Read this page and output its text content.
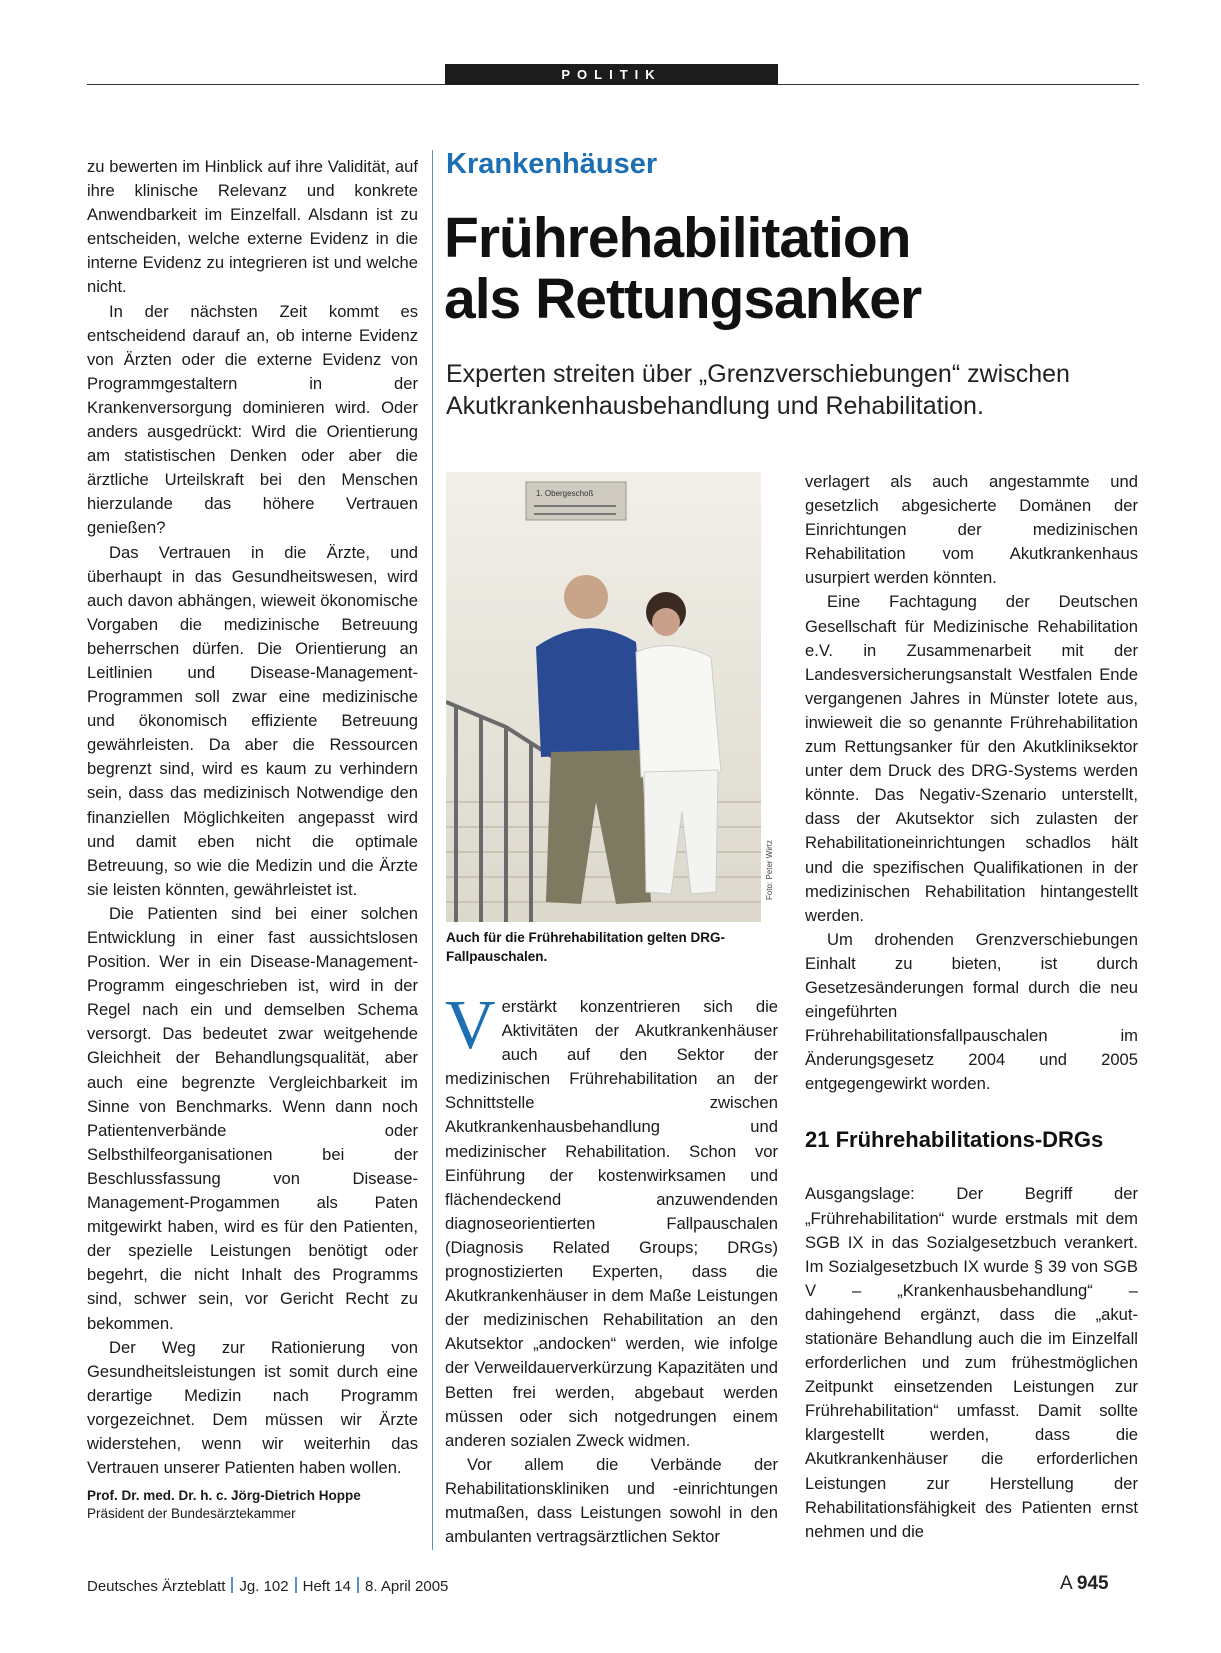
POLITIK

zu bewerten im Hinblick auf ihre Validität, auf ihre klinische Relevanz und konkrete Anwendbarkeit im Einzelfall. Alsdann ist zu entscheiden, welche externe Evidenz in die interne Evidenz zu integrieren ist und welche nicht.

In der nächsten Zeit kommt es entscheidend darauf an, ob interne Evidenz von Ärzten oder die externe Evidenz von Programmgestaltern in der Krankenversorgung dominieren wird. Oder anders ausgedrückt: Wird die Orientierung am statistischen Denken oder aber die ärztliche Urteilskraft bei den Menschen hierzulande das höhere Vertrauen genießen?

Das Vertrauen in die Ärzte, und überhaupt in das Gesundheitswesen, wird auch davon abhängen, wieweit ökonomische Vorgaben die medizinische Betreuung beherrschen dürfen. Die Orientierung an Leitlinien und Disease-Management-Programmen soll zwar eine medizinische und ökonomisch effiziente Betreuung gewährleisten. Da aber die Ressourcen begrenzt sind, wird es kaum zu verhindern sein, dass das medizinisch Notwendige den finanziellen Möglichkeiten angepasst wird und damit eben nicht die optimale Betreuung, so wie die Medizin und die Ärzte sie leisten könnten, gewährleistet ist.

Die Patienten sind bei einer solchen Entwicklung in einer fast aussichtslosen Position. Wer in ein Disease-Management-Programm eingeschrieben ist, wird in der Regel nach ein und demselben Schema versorgt. Das bedeutet zwar weitgehende Gleichheit der Behandlungsqualität, aber auch eine begrenzte Vergleichbarkeit im Sinne von Benchmarks. Wenn dann noch Patientenverbände oder Selbsthilfeorganisationen bei der Beschlussfassung von Disease-Management-Progammen als Paten mitgewirkt haben, wird es für den Patienten, der spezielle Leistungen benötigt oder begehrt, die nicht Inhalt des Programms sind, schwer sein, vor Gericht Recht zu bekommen.

Der Weg zur Rationierung von Gesundheitsleistungen ist somit durch eine derartige Medizin nach Programm vorgezeichnet. Dem müssen wir Ärzte widerstehen, wenn wir weiterhin das Vertrauen unserer Patienten haben wollen.

Prof. Dr. med. Dr. h. c. Jörg-Dietrich Hoppe
Präsident der Bundesärztekammer
Krankenhäuser
Frührehabilitation
als Rettungsanker
Experten streiten über „Grenzverschiebungen“ zwischen Akutkrankenhausbehandlung und Rehabilitation.
1. Obergeschoß
Foto: Peter Wirtz
Auch für die Frührehabilitation gelten DRG-Fallpauschalen.

Verstärkt konzentrieren sich die Aktivitäten der Akutkrankenhäuser auch auf den Sektor der medizinischen Frührehabilitation an der Schnittstelle zwischen Akutkrankenhausbehandlung und medizinischer Rehabilitation. Schon vor Einführung der kostenwirksamen und flächendeckend anzuwendenden diagnoseorientierten Fallpauschalen (Diagnosis Related Groups; DRGs) prognostizierten Experten, dass die Akutkrankenhäuser in dem Maße Leistungen der medizinischen Rehabilitation an den Akutsektor „andocken“ werden, wie infolge der Verweildauerverkürzung Kapazitäten und Betten frei werden, abgebaut werden müssen oder sich notgedrungen einem anderen sozialen Zweck widmen.

Vor allem die Verbände der Rehabilitationskliniken und -einrichtungen mutmaßen, dass Leistungen sowohl in den ambulanten vertragsärztlichen Sektor

verlagert als auch angestammte und gesetzlich abgesicherte Domänen der Einrichtungen der medizinischen Rehabilitation vom Akutkrankenhaus usurpiert werden könnten.

Eine Fachtagung der Deutschen Gesellschaft für Medizinische Rehabilitation e.V. in Zusammenarbeit mit der Landesversicherungsanstalt Westfalen Ende vergangenen Jahres in Münster lotete aus, inwieweit die so genannte Frührehabilitation zum Rettungsanker für den Akutkliniksektor unter dem Druck des DRG-Systems werden könnte. Das Negativ-Szenario unterstellt, dass der Akutsektor sich zulasten der Rehabilitationeinrichtungen schadlos hält und die spezifischen Qualifikationen in der medizinischen Rehabilitation hintangestellt werden.

Um drohenden Grenzverschiebungen Einhalt zu bieten, ist durch Gesetzesänderungen formal durch die neu eingeführten Frührehabilitationsfallpauschalen im Änderungsgesetz 2004 und 2005 entgegengewirkt worden.

21 Frührehabilitations-DRGs

Ausgangslage: Der Begriff der „Frührehabilitation“ wurde erstmals mit dem SGB IX in das Sozialgesetzbuch verankert. Im Sozialgesetzbuch IX wurde § 39 von SGB V – „Krankenhausbehandlung“ – dahingehend ergänzt, dass die „akut-stationäre Behandlung auch die im Einzelfall erforderlichen und zum frühestmöglichen Zeitpunkt einsetzenden Leistungen zur Frührehabilitation“ umfasst. Damit sollte klargestellt werden, dass die Akutkrankenhäuser die erforderlichen Leistungen zur Herstellung der Rehabilitationsfähigkeit des Patienten ernst nehmen und die

Deutsches Ärzteblatt Jg. 102 Heft 14 8. April 2005	A 945
